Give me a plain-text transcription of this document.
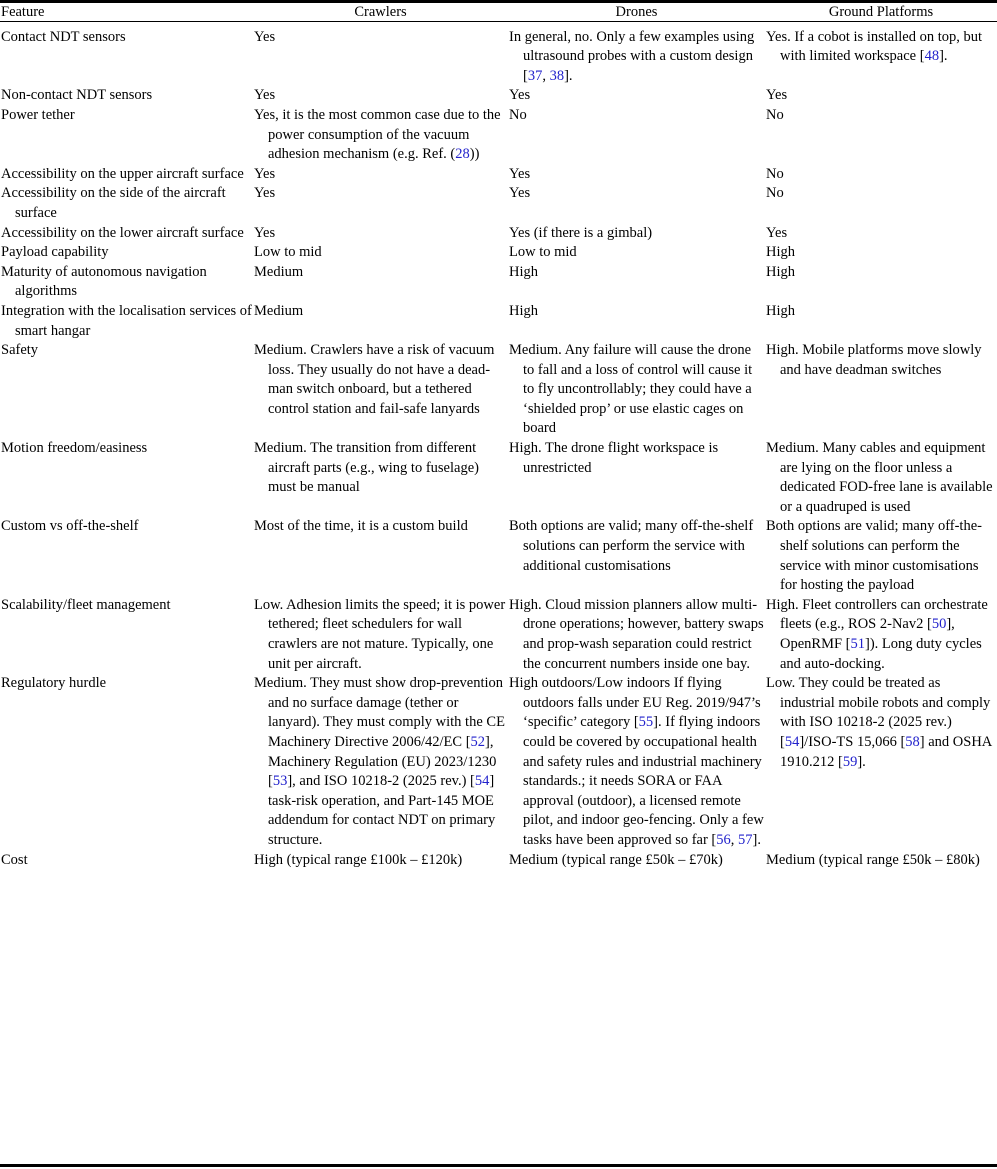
Feature	Crawlers	Drones	Ground Platforms
Contact NDT sensors	Yes	In general, no. Only a few examples using ultrasound probes with a custom design [37, 38].	Yes. If a cobot is installed on top, but with limited workspace [48].
Non-contact NDT sensors	Yes	Yes	Yes
Power tether	Yes, it is the most common case due to the power consumption of the vacuum adhesion mechanism (e.g. Ref. (28))	No	No
Accessibility on the upper aircraft surface	Yes	Yes	No
Accessibility on the side of the aircraft surface	Yes	Yes	No
Accessibility on the lower aircraft surface	Yes	Yes (if there is a gimbal)	Yes
Payload capability	Low to mid	Low to mid	High
Maturity of autonomous navigation algorithms	Medium	High	High
Integration with the localisation services of smart hangar	Medium	High	High
Safety	Medium. Crawlers have a risk of vacuum loss. They usually do not have a dead-man switch onboard, but a tethered control station and fail-safe lanyards	Medium. Any failure will cause the drone to fall and a loss of control will cause it to fly uncontrollably; they could have a ‘shielded prop’ or use elastic cages on board	High. Mobile platforms move slowly and have deadman switches
Motion freedom/easiness	Medium. The transition from different aircraft parts (e.g., wing to fuselage) must be manual	High. The drone flight workspace is unrestricted	Medium. Many cables and equipment are lying on the floor unless a dedicated FOD-free lane is available or a quadruped is used
Custom vs off-the-shelf	Most of the time, it is a custom build	Both options are valid; many off-the-shelf solutions can perform the service with additional customisations	Both options are valid; many off-the-shelf solutions can perform the service with minor customisations for hosting the payload
Scalability/fleet management	Low. Adhesion limits the speed; it is power tethered; fleet schedulers for wall crawlers are not mature. Typically, one unit per aircraft.	High. Cloud mission planners allow multi-drone operations; however, battery swaps and prop-wash separation could restrict the concurrent numbers inside one bay.	High. Fleet controllers can orchestrate fleets (e.g., ROS 2-Nav2 [50], OpenRMF [51]). Long duty cycles and auto-docking.
Regulatory hurdle	Medium. They must show drop-prevention and no surface damage (tether or lanyard). They must comply with the CE Machinery Directive 2006/42/EC [52], Machinery Regulation (EU) 2023/1230 [53], and ISO 10218-2 (2025 rev.) [54] task-risk operation, and Part-145 MOE addendum for contact NDT on primary structure.	High outdoors/Low indoors If flying outdoors falls under EU Reg. 2019/947’s ‘specific’ category [55]. If flying indoors could be covered by occupational health and safety rules and industrial machinery standards.; it needs SORA or FAA approval (outdoor), a licensed remote pilot, and indoor geo-fencing. Only a few tasks have been approved so far [56, 57].	Low. They could be treated as industrial mobile robots and comply with ISO 10218-2 (2025 rev.) [54]/ISO-TS 15,066 [58] and OSHA 1910.212 [59].
Cost	High (typical range £100k – £120k)	Medium (typical range £50k – £70k)	Medium (typical range £50k – £80k)
